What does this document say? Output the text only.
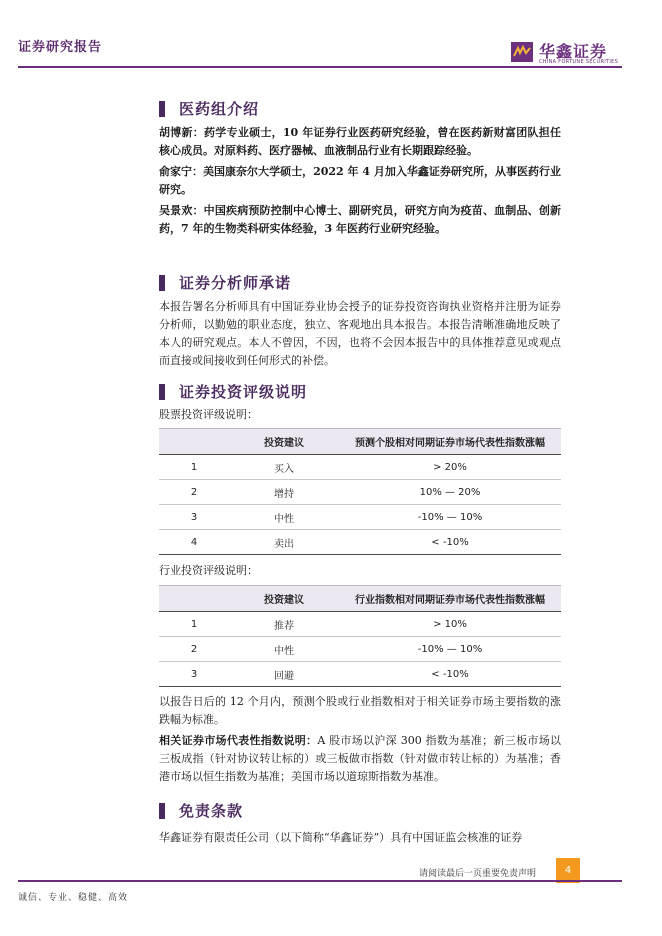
证券研究报告	华鑫证券
CHINA FORTUNE SECURITIES
医药组介绍
胡博新：药学专业硕士，10 年证券行业医药研究经验，曾在医药新财富团队担任核心成员。对原料药、医疗器械、血液制品行业有长期跟踪经验。
俞家宁：美国康奈尔大学硕士，2022 年 4 月加入华鑫证券研究所，从事医药行业研究。
吴景欢：中国疾病预防控制中心博士、副研究员，研究方向为疫苗、血制品、创新药，7 年的生物类科研实体经验，3 年医药行业研究经验。
证券分析师承诺
本报告署名分析师具有中国证券业协会授予的证券投资咨询执业资格并注册为证券分析师，以勤勉的职业态度，独立、客观地出具本报告。本报告清晰准确地反映了本人的研究观点。本人不曾因，不因，也将不会因本报告中的具体推荐意见或观点而直接或间接收到任何形式的补偿。
证券投资评级说明
股票投资评级说明：
	投资建议	预测个股相对同期证券市场代表性指数涨幅
1	买入	> 20%
2	增持	10% — 20%
3	中性	-10% — 10%
4	卖出	< -10%
行业投资评级说明：
	投资建议	行业指数相对同期证券市场代表性指数涨幅
1	推荐	> 10%
2	中性	-10% — 10%
3	回避	< -10%
以报告日后的 12 个月内，预测个股或行业指数相对于相关证券市场主要指数的涨跌幅为标准。
相关证券市场代表性指数说明：A 股市场以沪深 300 指数为基准；新三板市场以三板成指（针对协议转让标的）或三板做市指数（针对做市转让标的）为基准；香港市场以恒生指数为基准；美国市场以道琼斯指数为基准。
免责条款
华鑫证券有限责任公司（以下简称“华鑫证券”）具有中国证监会核准的证券
请阅读最后一页重要免责声明	4
诚信、专业、稳健、高效
